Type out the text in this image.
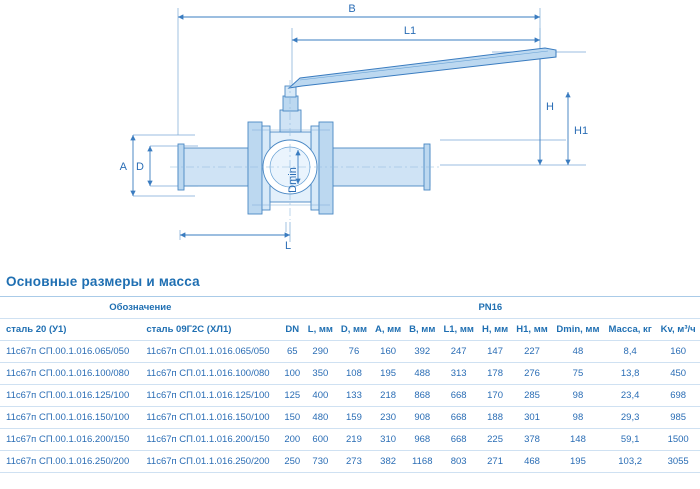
B
L1
H
H1
A D
L
Dmin
Основные размеры и масса
Обозначение		PN16										
сталь 20 (У1)	сталь 09Г2С (ХЛ1)	DN	L, мм	D, мм	A, мм	B, мм	L1, мм	H, мм	H1, мм	Dmin, мм	Масса, кг	Kv, м³/ч
11с67п СП.00.1.016.065/050	11с67п СП.01.1.016.065/050	65	290	76	160	392	247	147	227	48	8,4	160
11с67п СП.00.1.016.100/080	11с67п СП.01.1.016.100/080	100	350	108	195	488	313	178	276	75	13,8	450
11с67п СП.00.1.016.125/100	11с67п СП.01.1.016.125/100	125	400	133	218	868	668	170	285	98	23,4	698
11с67п СП.00.1.016.150/100	11с67п СП.01.1.016.150/100	150	480	159	230	908	668	188	301	98	29,3	985
11с67п СП.00.1.016.200/150	11с67п СП.01.1.016.200/150	200	600	219	310	968	668	225	378	148	59,1	1500
11с67п СП.00.1.016.250/200	11с67п СП.01.1.016.250/200	250	730	273	382	1168	803	271	468	195	103,2	3055
